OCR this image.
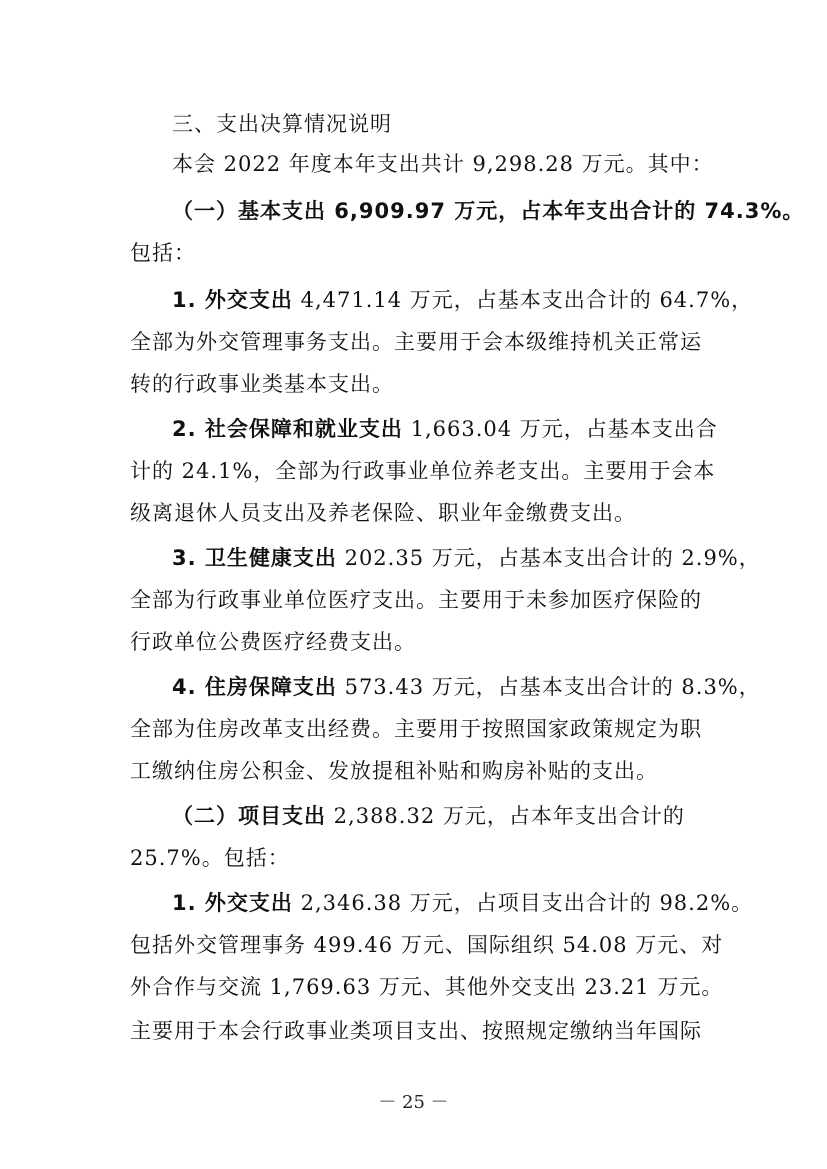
三、支出决算情况说明
本会 2022 年度本年支出共计 9,298.28 万元。其中：
（一）基本支出 6,909.97 万元，占本年支出合计的 74.3%。
包括：
1. 外交支出 4,471.14 万元，占基本支出合计的 64.7%，
全部为外交管理事务支出。主要用于会本级维持机关正常运
转的行政事业类基本支出。
2. 社会保障和就业支出 1,663.04 万元，占基本支出合
计的 24.1%，全部为行政事业单位养老支出。主要用于会本
级离退休人员支出及养老保险、职业年金缴费支出。
3. 卫生健康支出 202.35 万元，占基本支出合计的 2.9%，
全部为行政事业单位医疗支出。主要用于未参加医疗保险的
行政单位公费医疗经费支出。
4. 住房保障支出 573.43 万元，占基本支出合计的 8.3%，
全部为住房改革支出经费。主要用于按照国家政策规定为职
工缴纳住房公积金、发放提租补贴和购房补贴的支出。
（二）项目支出 2,388.32 万元，占本年支出合计的
25.7%。包括：
1. 外交支出 2,346.38 万元，占项目支出合计的 98.2%。
包括外交管理事务 499.46 万元、国际组织 54.08 万元、对
外合作与交流 1,769.63 万元、其他外交支出 23.21 万元。
主要用于本会行政事业类项目支出、按照规定缴纳当年国际
－ 25 －
